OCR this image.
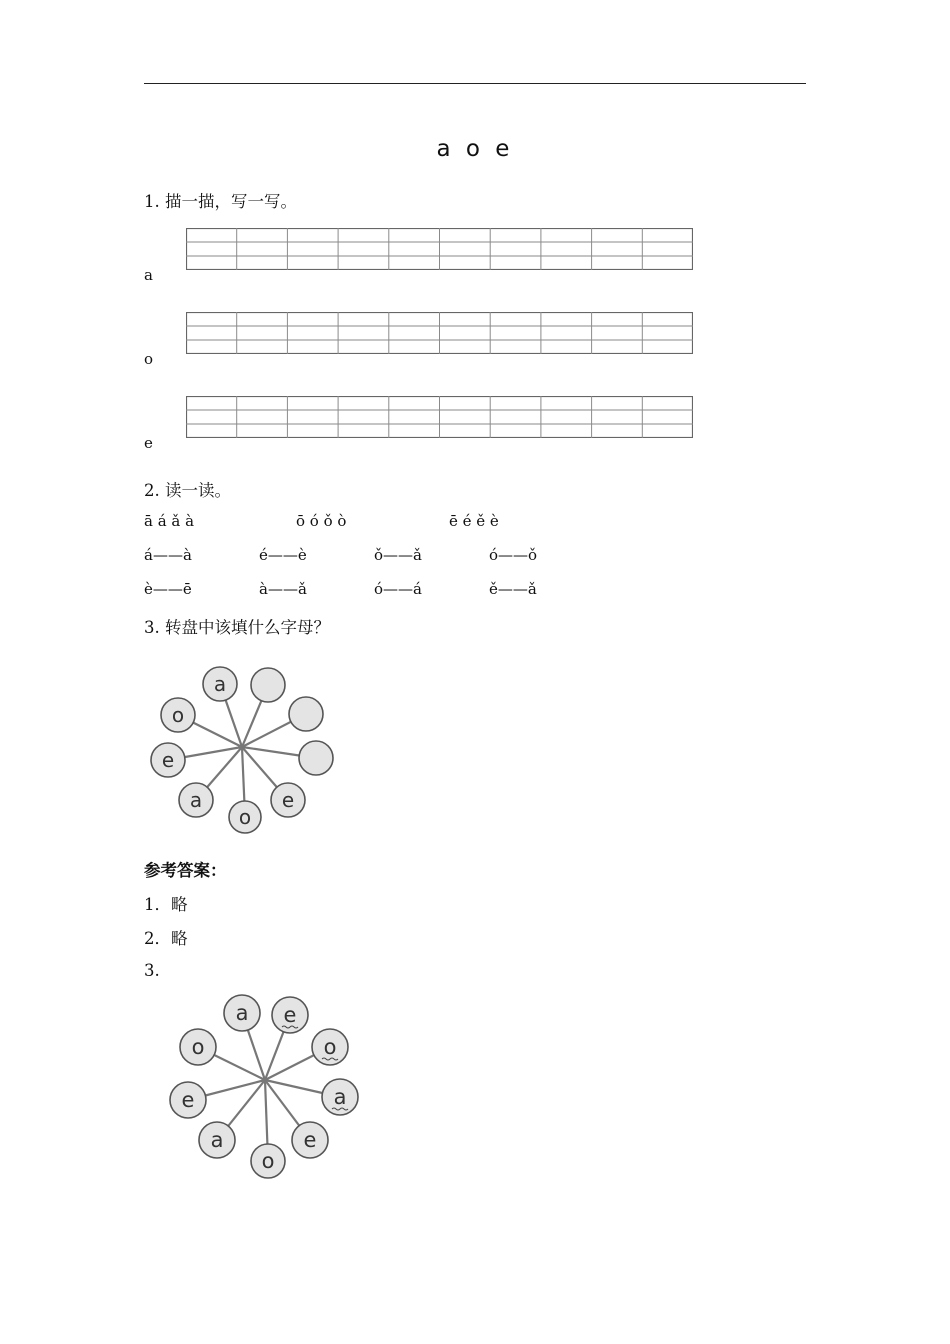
a o e
1. 描一描，写一写。
a
o
e
2. 读一读。
ā á ǎ à	ō ó ǒ ò	ē é ě è
á——à	é——è	ǒ——ǎ	ó——ǒ
è——ē	à——ǎ	ó——á	ě——ǎ
3. 转盘中该填什么字母？
a
e
o
a
e
o
参考答案：
1．略
2．略
3.
a e
o
a
e
o
a
e
o
